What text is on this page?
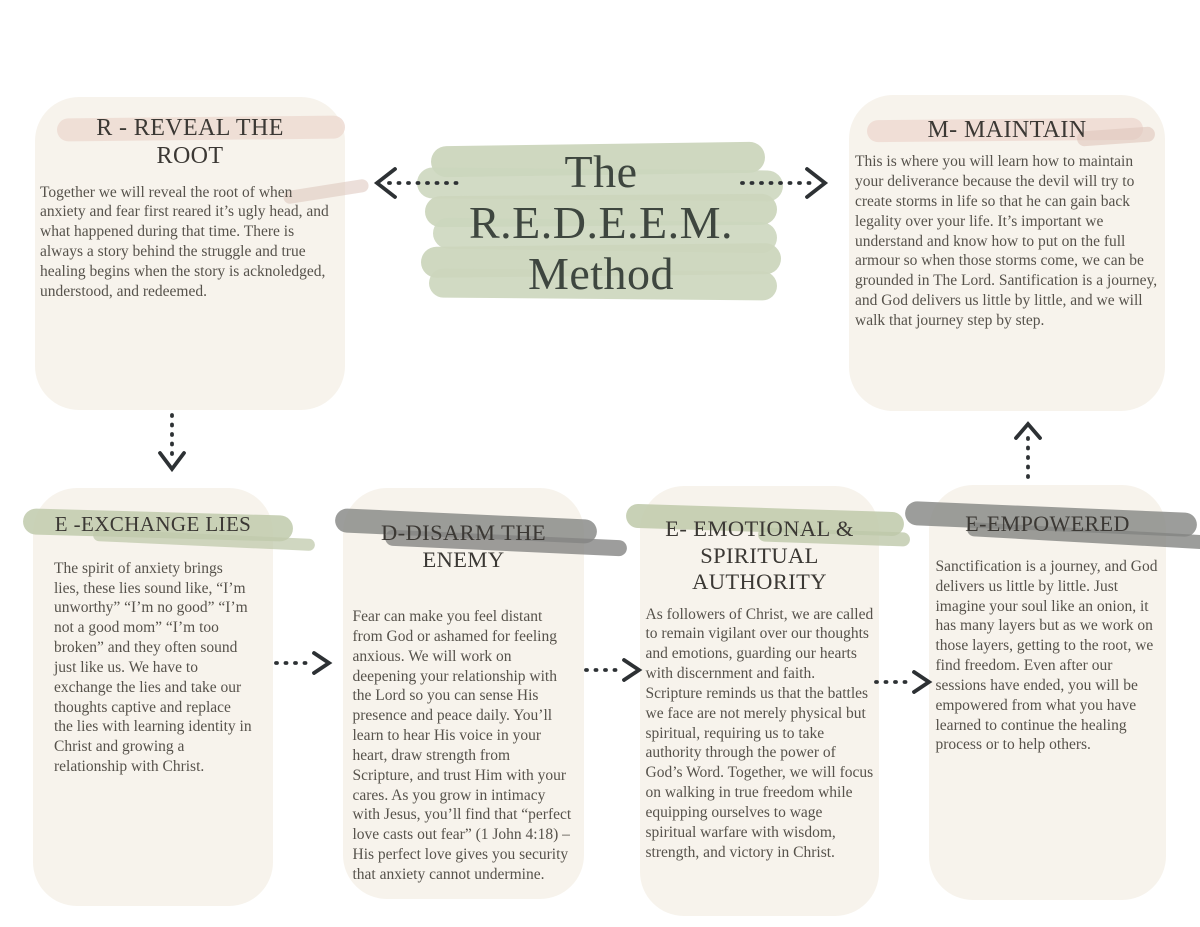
R - REVEAL THE ROOT

Together we will reveal the root of when anxiety and fear first reared it’s ugly head, and what happened during that time. There is always a story behind the struggle and true healing begins when the story is acknoledged, understood, and redeemed.

M- MAINTAIN

This is where you will learn how to maintain your deliverance because the devil will try to create storms in life so that he can gain back legality over your life. It’s important we understand and know how to put on the full armour so when those storms come, we can be grounded in The Lord. Santification is a journey, and God delivers us little by little, and we will walk that journey step by step.

The
R.E.D.E.E.M.
Method
E -EXCHANGE LIES

The spirit of anxiety brings lies, these lies sound like, “I’m unworthy” “I’m no good” “I’m not a good mom” “I’m too broken” and they often sound just like us. We have to exchange the lies and take our thoughts captive and replace the lies with learning identity in Christ and growing a relationship with Christ.

D-DISARM THE ENEMY

Fear can make you feel distant from God or ashamed for feeling anxious. We will work on deepening your relationship with the Lord so you can sense His presence and peace daily. You’ll learn to hear His voice in your heart, draw strength from Scripture, and trust Him with your cares. As you grow in intimacy with Jesus, you’ll find that “perfect love casts out fear” (1 John 4:18) – His perfect love gives you security that anxiety cannot undermine.

E- EMOTIONAL & SPIRITUAL AUTHORITY

As followers of Christ, we are called to remain vigilant over our thoughts and emotions, guarding our hearts with discernment and faith. Scripture reminds us that the battles we face are not merely physical but spiritual, requiring us to take authority through the power of God’s Word. Together, we will focus on walking in true freedom while equipping ourselves to wage spiritual warfare with wisdom, strength, and victory in Christ.

E-EMPOWERED

Sanctification is a journey, and God delivers us little by little. Just imagine your soul like an onion, it has many layers but as we work on those layers, getting to the root, we find freedom. Even after our sessions have ended, you will be empowered from what you have learned to continue the healing process or to help others.
